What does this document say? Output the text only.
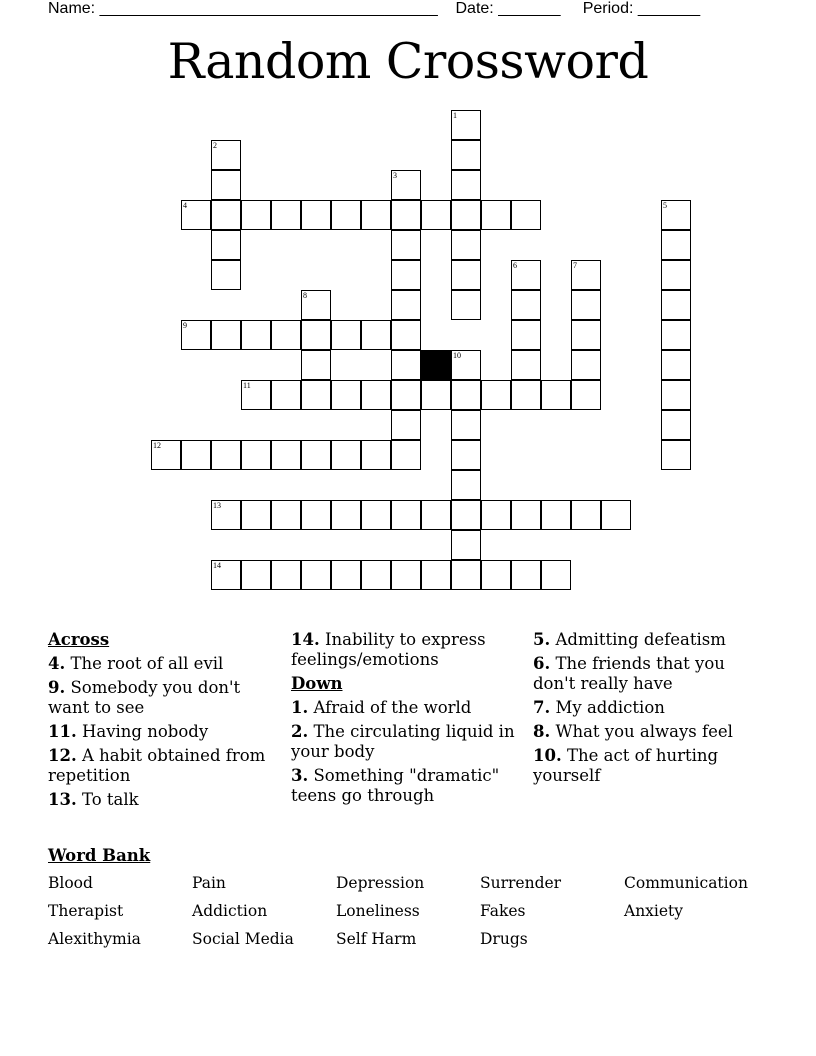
Name: ______________________________________ Date: _______ Period: _______
Random Crossword
1
2
3
4	5
6	7
8
9
10
11
12
13
14
Across
4. The root of all evil
9. Somebody you don't want to see
11. Having nobody
12. A habit obtained from repetition
13. To talk
14. Inability to express feelings/emotions
Down
1. Afraid of the world
2. The circulating liquid in your body
3. Something "dramatic" teens go through
5. Admitting defeatism
6. The friends that you don't really have
7. My addiction
8. What you always feel
10. The act of hurting yourself
Word Bank
Blood	Pain	Depression	Surrender	Communication
Therapist	Addiction	Loneliness	Fakes	Anxiety
Alexithymia	Social Media	Self Harm	Drugs
